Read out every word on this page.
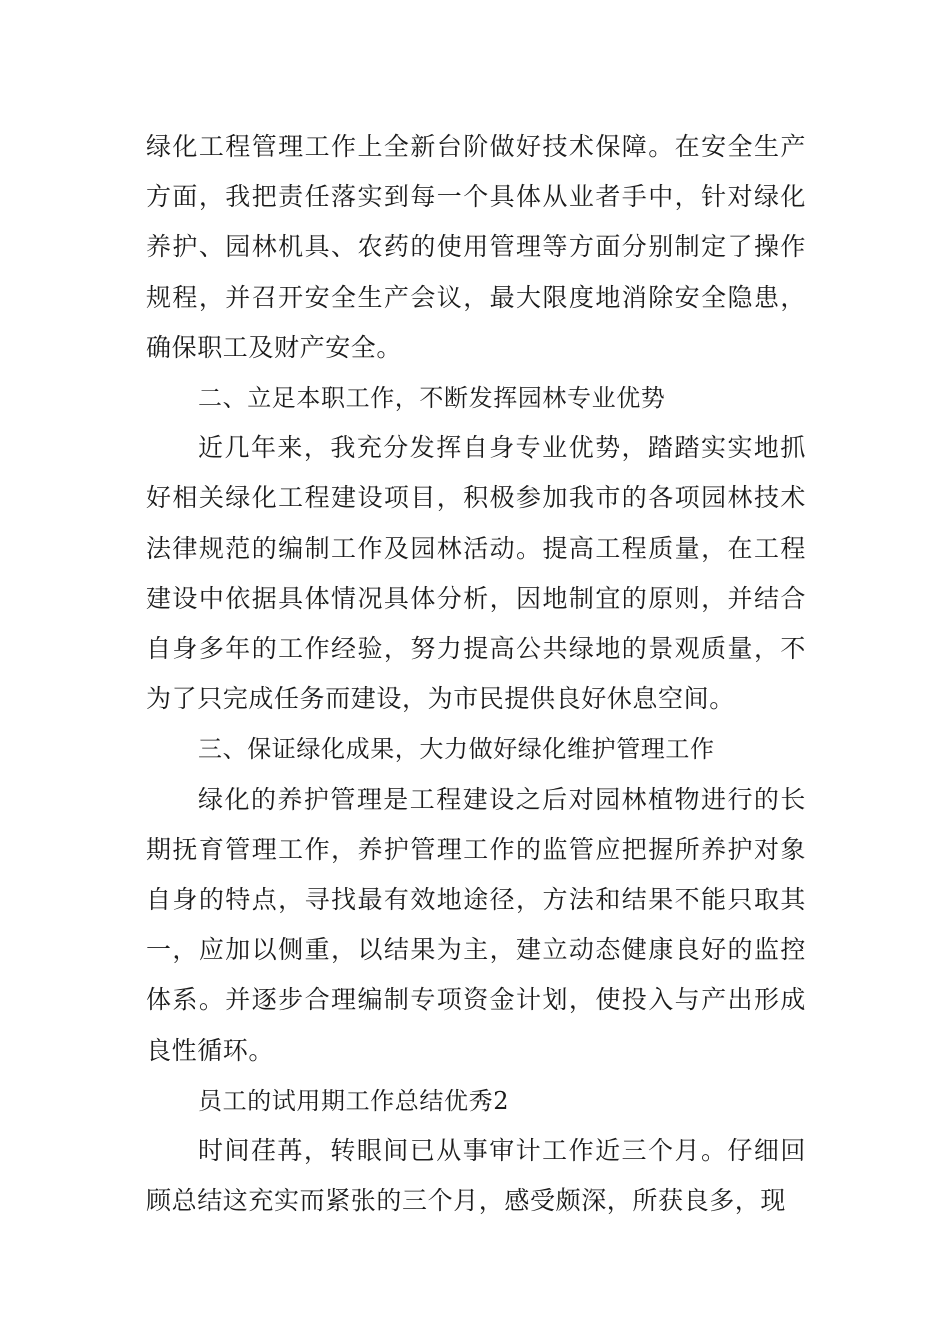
绿化工程管理工作上全新台阶做好技术保障。在安全生产方面，我把责任落实到每一个具体从业者手中，针对绿化养护、园林机具、农药的使用管理等方面分别制定了操作规程，并召开安全生产会议，最大限度地消除安全隐患，确保职工及财产安全。

二、立足本职工作，不断发挥园林专业优势

近几年来，我充分发挥自身专业优势，踏踏实实地抓好相关绿化工程建设项目，积极参加我市的各项园林技术法律规范的编制工作及园林活动。提高工程质量，在工程建设中依据具体情况具体分析，因地制宜的原则，并结合自身多年的工作经验，努力提高公共绿地的景观质量，不为了只完成任务而建设，为市民提供良好休息空间。

三、保证绿化成果，大力做好绿化维护管理工作

绿化的养护管理是工程建设之后对园林植物进行的长期抚育管理工作，养护管理工作的监管应把握所养护对象自身的特点，寻找最有效地途径，方法和结果不能只取其一，应加以侧重，以结果为主，建立动态健康良好的监控体系。并逐步合理编制专项资金计划，使投入与产出形成良性循环。

员工的试用期工作总结优秀2

时间荏苒，转眼间已从事审计工作近三个月。仔细回顾总结这充实而紧张的三个月，感受颇深，所获良多，现
